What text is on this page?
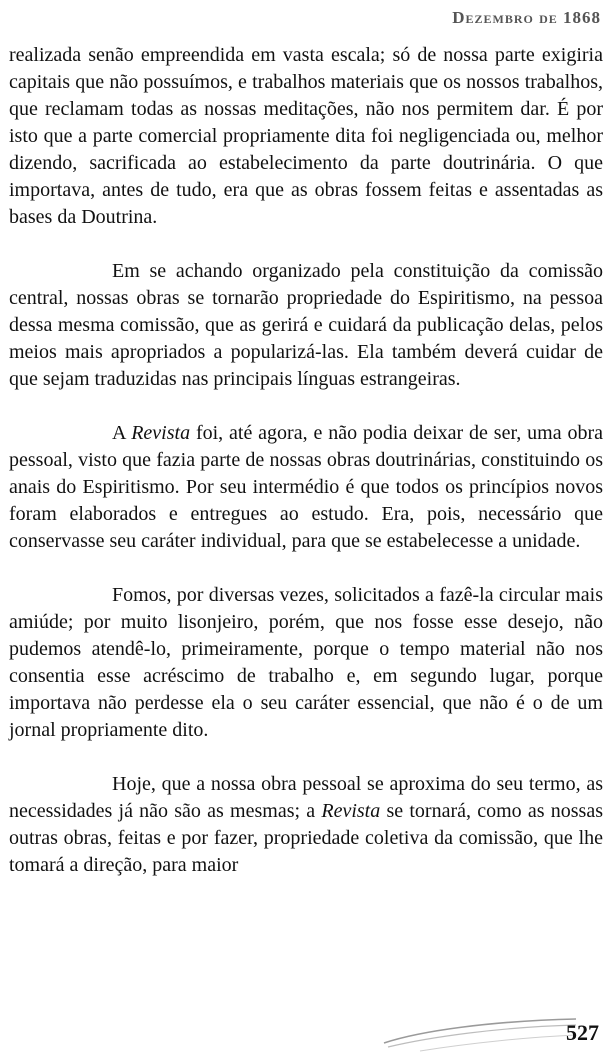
Dezembro de 1868

realizada senão empreendida em vasta escala; só de nossa parte exigiria capitais que não possuímos, e trabalhos materiais que os nossos trabalhos, que reclamam todas as nossas meditações, não nos permitem dar. É por isto que a parte comercial propriamente dita foi negligenciada ou, melhor dizendo, sacrificada ao estabelecimento da parte doutrinária. O que importava, antes de tudo, era que as obras fossem feitas e assentadas as bases da Doutrina.

Em se achando organizado pela constituição da comissão central, nossas obras se tornarão propriedade do Espiritismo, na pessoa dessa mesma comissão, que as gerirá e cuidará da publicação delas, pelos meios mais apropriados a popularizá-las. Ela também deverá cuidar de que sejam traduzidas nas principais línguas estrangeiras.

A Revista foi, até agora, e não podia deixar de ser, uma obra pessoal, visto que fazia parte de nossas obras doutrinárias, constituindo os anais do Espiritismo. Por seu intermédio é que todos os princípios novos foram elaborados e entregues ao estudo. Era, pois, necessário que conservasse seu caráter individual, para que se estabelecesse a unidade.

Fomos, por diversas vezes, solicitados a fazê-la circular mais amiúde; por muito lisonjeiro, porém, que nos fosse esse desejo, não pudemos atendê-lo, primeiramente, porque o tempo material não nos consentia esse acréscimo de trabalho e, em segundo lugar, porque importava não perdesse ela o seu caráter essencial, que não é o de um jornal propriamente dito.

Hoje, que a nossa obra pessoal se aproxima do seu termo, as necessidades já não são as mesmas; a Revista se tornará, como as nossas outras obras, feitas e por fazer, propriedade coletiva da comissão, que lhe tomará a direção, para maior

527
